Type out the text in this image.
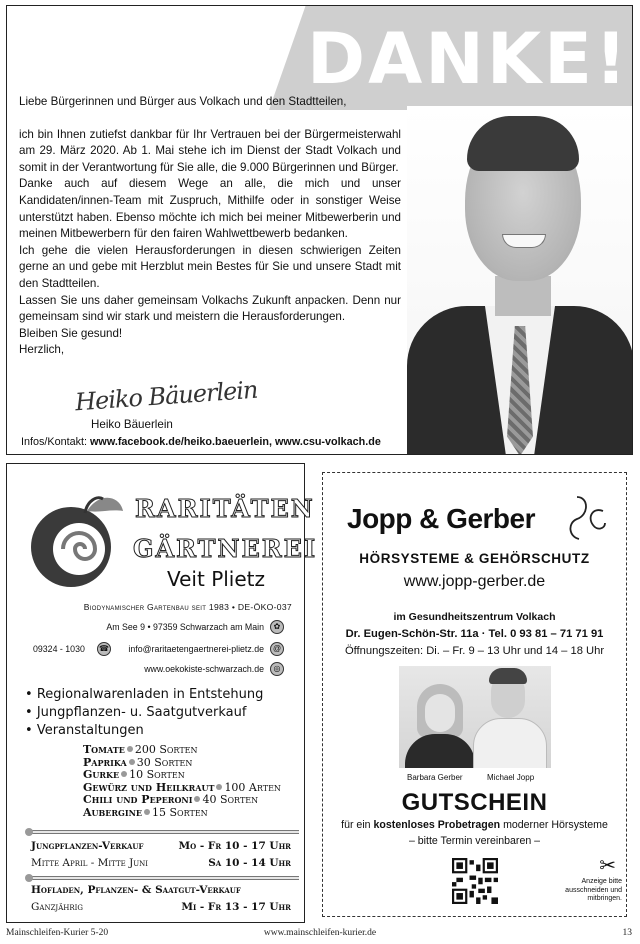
DANKE!

Liebe Bürgerinnen und Bürger aus Volkach und den Stadtteilen,

ich bin Ihnen zutiefst dankbar für Ihr Vertrauen bei der Bürgermeisterwahl am 29. März 2020. Ab 1. Mai stehe ich im Dienst der Stadt Volkach und somit in der Verantwortung für Sie alle, die 9.000 Bürgerinnen und Bürger.

Danke auch auf diesem Wege an alle, die mich und unser Kandidaten/innen-Team mit Zuspruch, Mithilfe oder in sonstiger Weise unterstützt haben. Ebenso möchte ich mich bei meiner Mitbewerberin und meinen Mitbewerbern für den fairen Wahlwettbewerb bedanken.

Ich gehe die vielen Herausforderungen in diesen schwierigen Zeiten gerne an und gebe mit Herzblut mein Bestes für Sie und unsere Stadt mit den Stadtteilen.

Lassen Sie uns daher gemeinsam Volkachs Zukunft anpacken. Denn nur gemeinsam sind wir stark und meistern die Herausforderungen.

Bleiben Sie gesund!

Herzlich,

Heiko Bäuerlein
Heiko Bäuerlein
Infos/Kontakt: www.facebook.de/heiko.baeuerlein, www.csu-volkach.de
RARITÄTEN
GÄRTNEREI
Veit Plietz
Biodynamischer Gartenbau seit 1983 • DE-ÖKO-037
Am See 9 • 97359 Schwarzach am Main	✿
09324 - 1030 ☎ info@raritaetengaertnerei-plietz.de	@
www.oekokiste-schwarzach.de	◎
• Regionalwarenladen in Entstehung
• Jungpflanzen- u. Saatgutverkauf
• Veranstaltungen
Tomate 200 Sorten
Paprika 30 Sorten
Gurke 10 Sorten
Gewürz und Heilkraut 100 Arten
Chili und Peperoni 40 Sorten
Aubergine 15 Sorten
Jungpflanzen-Verkauf	Mo - Fr 10 - 17 Uhr
Mitte April - Mitte Juni	Sa 10 - 14 Uhr
Hofladen, Pflanzen- & Saatgut-Verkauf
Ganzjährig	Mi - Fr 13 - 17 Uhr
Jopp & Gerber
HÖRSYSTEME & GEHÖRSCHUTZ
www.jopp-gerber.de
im Gesundheitszentrum Volkach
Dr. Eugen-Schön-Str. 11a · Tel. 0 93 81 – 71 71 91
Öffnungszeiten: Di. – Fr. 9 – 13 Uhr und 14 – 18 Uhr
Barbara Gerber	Michael Jopp
GUTSCHEIN
für ein kostenloses Probetragen moderner Hörsysteme
– bitte Termin vereinbaren –
✂
Anzeige bitte ausschneiden und mitbringen.
Mainschleifen-Kurier 5-20	www.mainschleifen-kurier.de	13
